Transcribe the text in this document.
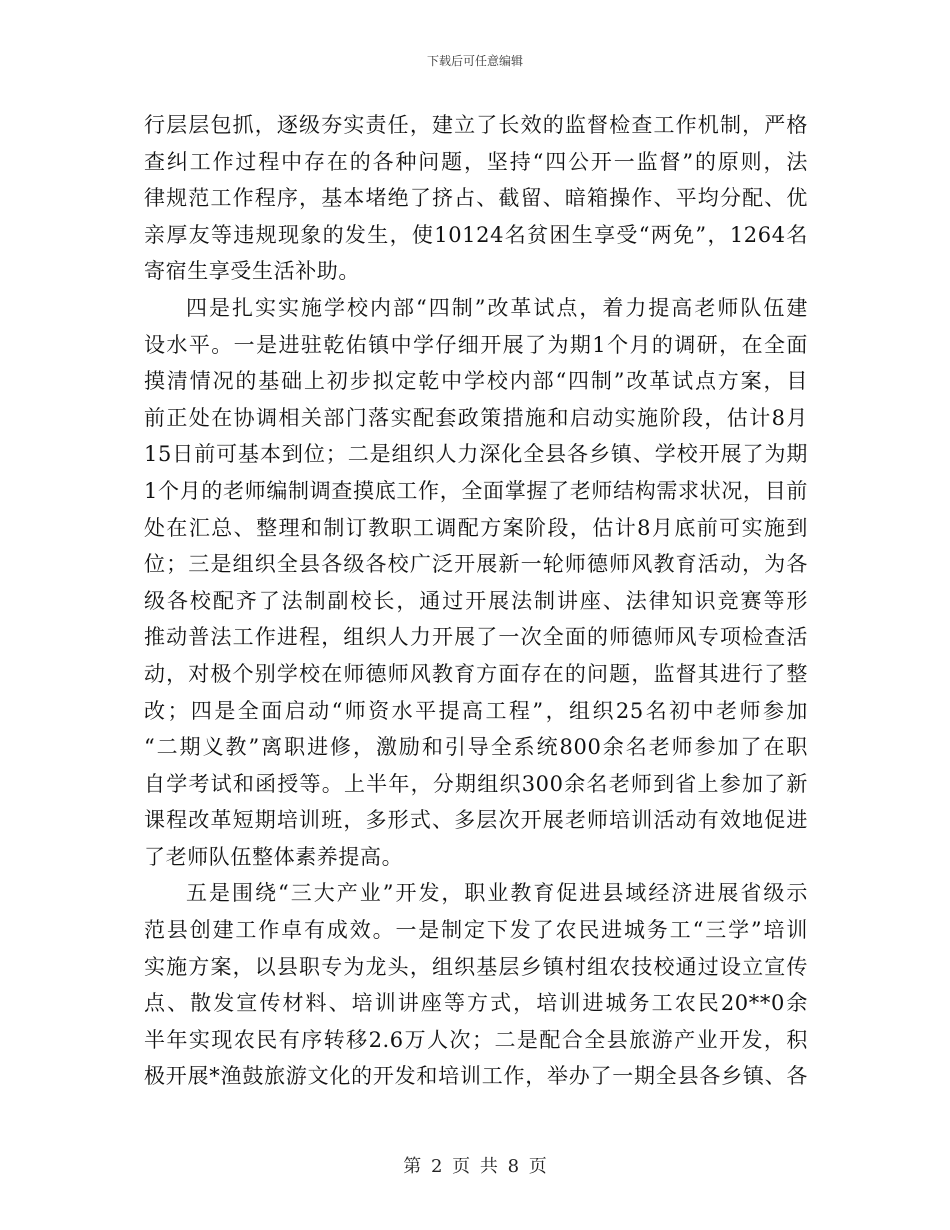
下载后可任意编辑
行层层包抓，逐级夯实责任，建立了长效的监督检查工作机制，严格
查纠工作过程中存在的各种问题，坚持“四公开一监督”的原则，法
律规范工作程序，基本堵绝了挤占、截留、暗箱操作、平均分配、优
亲厚友等违规现象的发生，使10124名贫困生享受“两免”，1264名
寄宿生享受生活补助。
四是扎实实施学校内部“四制”改革试点，着力提高老师队伍建
设水平。一是进驻乾佑镇中学仔细开展了为期1个月的调研，在全面
摸清情况的基础上初步拟定乾中学校内部“四制”改革试点方案，目
前正处在协调相关部门落实配套政策措施和启动实施阶段，估计8月
15日前可基本到位；二是组织人力深化全县各乡镇、学校开展了为期
1个月的老师编制调查摸底工作，全面掌握了老师结构需求状况，目前
处在汇总、整理和制订教职工调配方案阶段，估计8月底前可实施到
位；三是组织全县各级各校广泛开展新一轮师德师风教育活动，为各
级各校配齐了法制副校长，通过开展法制讲座、法律知识竞赛等形
推动普法工作进程，组织人力开展了一次全面的师德师风专项检查活
动，对极个别学校在师德师风教育方面存在的问题，监督其进行了整
改；四是全面启动“师资水平提高工程”，组织25名初中老师参加
“二期义教”离职进修，激励和引导全系统800余名老师参加了在职
自学考试和函授等。上半年，分期组织300余名老师到省上参加了新
课程改革短期培训班，多形式、多层次开展老师培训活动有效地促进
了老师队伍整体素养提高。
五是围绕“三大产业”开发，职业教育促进县域经济进展省级示
范县创建工作卓有成效。一是制定下发了农民进城务工“三学”培训
实施方案，以县职专为龙头，组织基层乡镇村组农技校通过设立宣传
点、散发宣传材料、培训讲座等方式，培训进城务工农民20**0余
半年实现农民有序转移2.6万人次；二是配合全县旅游产业开发，积
极开展*渔鼓旅游文化的开发和培训工作，举办了一期全县各乡镇、各
第 2 页 共 8 页
